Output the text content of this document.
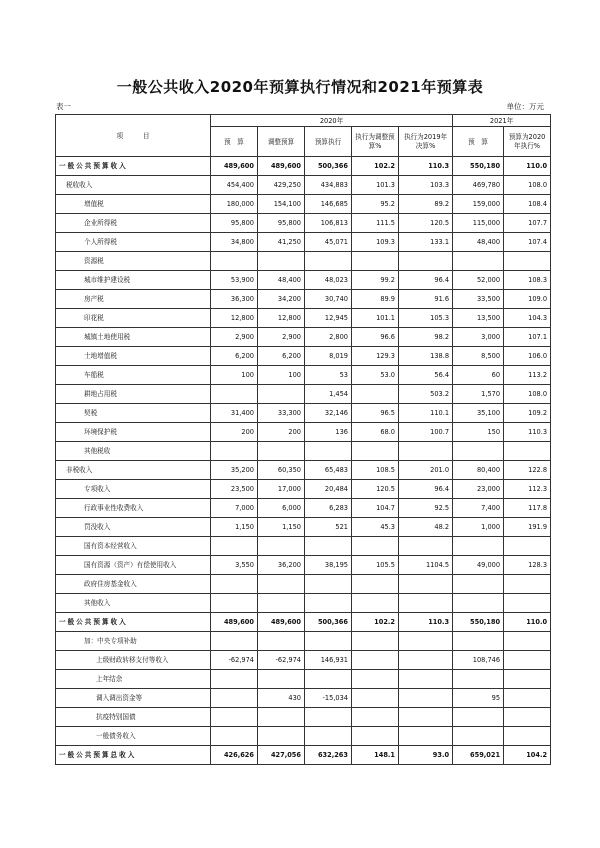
一般公共收入2020年预算执行情况和2021年预算表
表一	单位：万元
项　　　目	2020年					2021年	
	预　算	调整预算	预算执行	执行为调整预算%	执行为2019年决算%	预　算	预算为2020年执行%
一般公共预算收入	489,600	489,600	500,366	102.2	110.3	550,180	110.0
税收收入	454,400	429,250	434,883	101.3	103.3	469,780	108.0
增值税	180,000	154,100	146,685	95.2	89.2	159,000	108.4
企业所得税	95,800	95,800	106,813	111.5	120.5	115,000	107.7
个人所得税	34,800	41,250	45,071	109.3	133.1	48,400	107.4
资源税							
城市维护建设税	53,900	48,400	48,023	99.2	96.4	52,000	108.3
房产税	36,300	34,200	30,740	89.9	91.6	33,500	109.0
印花税	12,800	12,800	12,945	101.1	105.3	13,500	104.3
城镇土地使用税	2,900	2,900	2,800	96.6	98.2	3,000	107.1
土地增值税	6,200	6,200	8,019	129.3	138.8	8,500	106.0
车船税	100	100	53	53.0	56.4	60	113.2
耕地占用税			1,454		503.2	1,570	108.0
契税	31,400	33,300	32,146	96.5	110.1	35,100	109.2
环境保护税	200	200	136	68.0	100.7	150	110.3
其他税收							
非税收入	35,200	60,350	65,483	108.5	201.0	80,400	122.8
专项收入	23,500	17,000	20,484	120.5	96.4	23,000	112.3
行政事业性收费收入	7,000	6,000	6,283	104.7	92.5	7,400	117.8
罚没收入	1,150	1,150	521	45.3	48.2	1,000	191.9
国有资本经营收入							
国有资源（资产）有偿使用收入	3,550	36,200	38,195	105.5	1104.5	49,000	128.3
政府住房基金收入							
其他收入							
一般公共预算收入	489,600	489,600	500,366	102.2	110.3	550,180	110.0
加：中央专项补助							
上级财政转移支付等收入	-62,974	-62,974	146,931			108,746	
上年结余							
调入调出资金等		430	-15,034			95	
抗疫特别国债							
一般债务收入							
一般公共预算总收入	426,626	427,056	632,263	148.1	93.0	659,021	104.2
